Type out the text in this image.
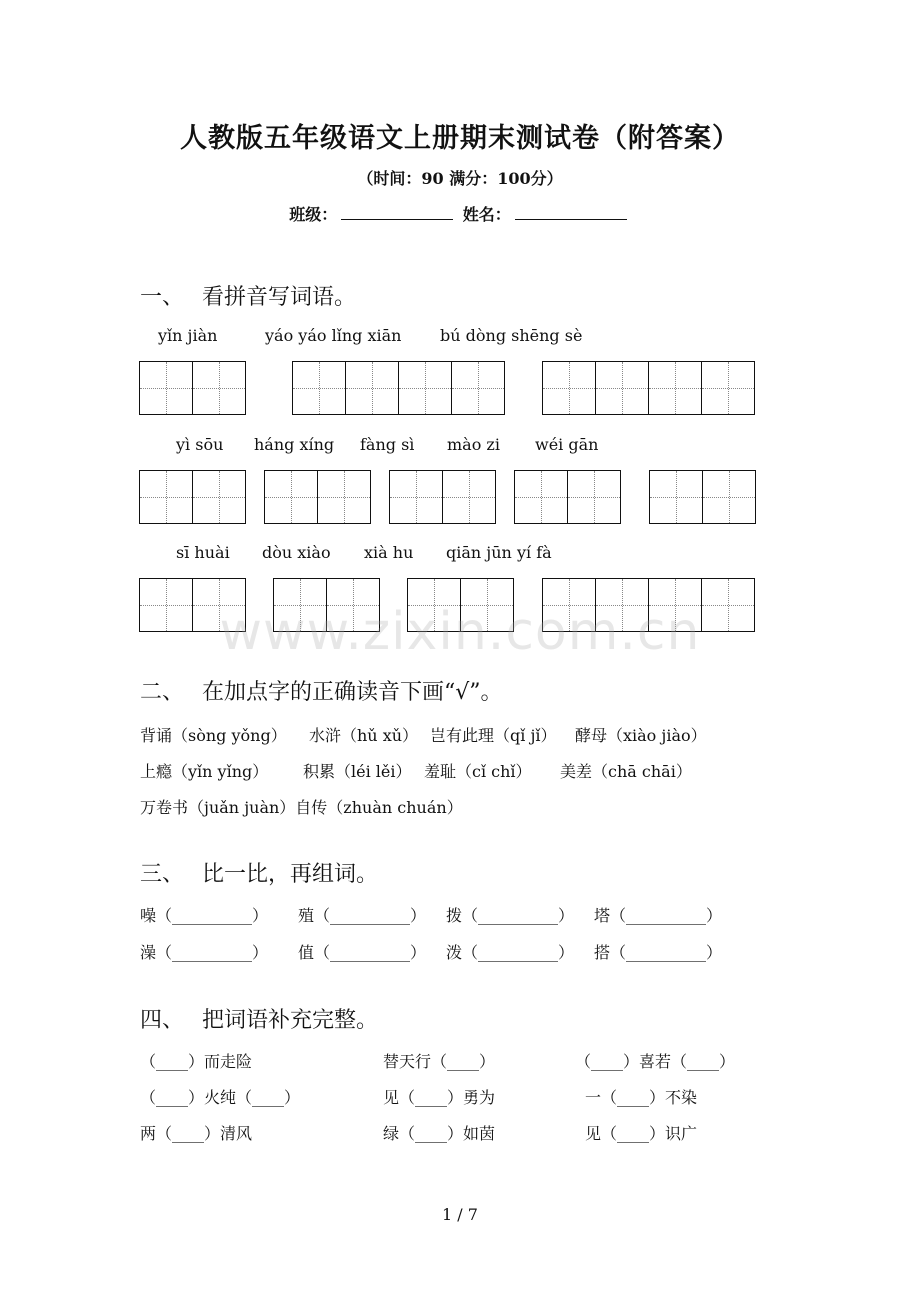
人教版五年级语文上册期末测试卷（附答案）
（时间：90 满分：100分）
班级：	姓名：
一、 看拼音写词语。
yǐn jiàn	yáo yáo lǐng xiān bú dòng shēng sè
yì sōu háng xíng fàng sì mào zi wéi gān
sī huài dòu xiào xià hu qiān jūn yí fà
www.zixin.com.cn
二、 在加点字的正确读音下画“√”。
背诵（sòng yǒng） 水浒（hǔ xǔ） 岂有此理（qǐ jǐ） 酵母（xiào jiào）
上瘾（yǐn yǐng） 积累（léi lěi） 羞耻（cǐ chǐ） 美差（chā chāi）
万卷书（juǎn juàn）自传（zhuàn chuán）
三、 比一比，再组词。
噪（__________） 殖（__________） 拨（__________） 塔（__________）
澡（__________） 值（__________） 泼（__________） 搭（__________）
四、 把词语补充完整。
（____）而走险	替天行（____）	（____）喜若（____）
（____）火纯（____）	见（____）勇为	一（____）不染
两（____）清风	绿（____）如茵	见（____）识广
1 / 7
